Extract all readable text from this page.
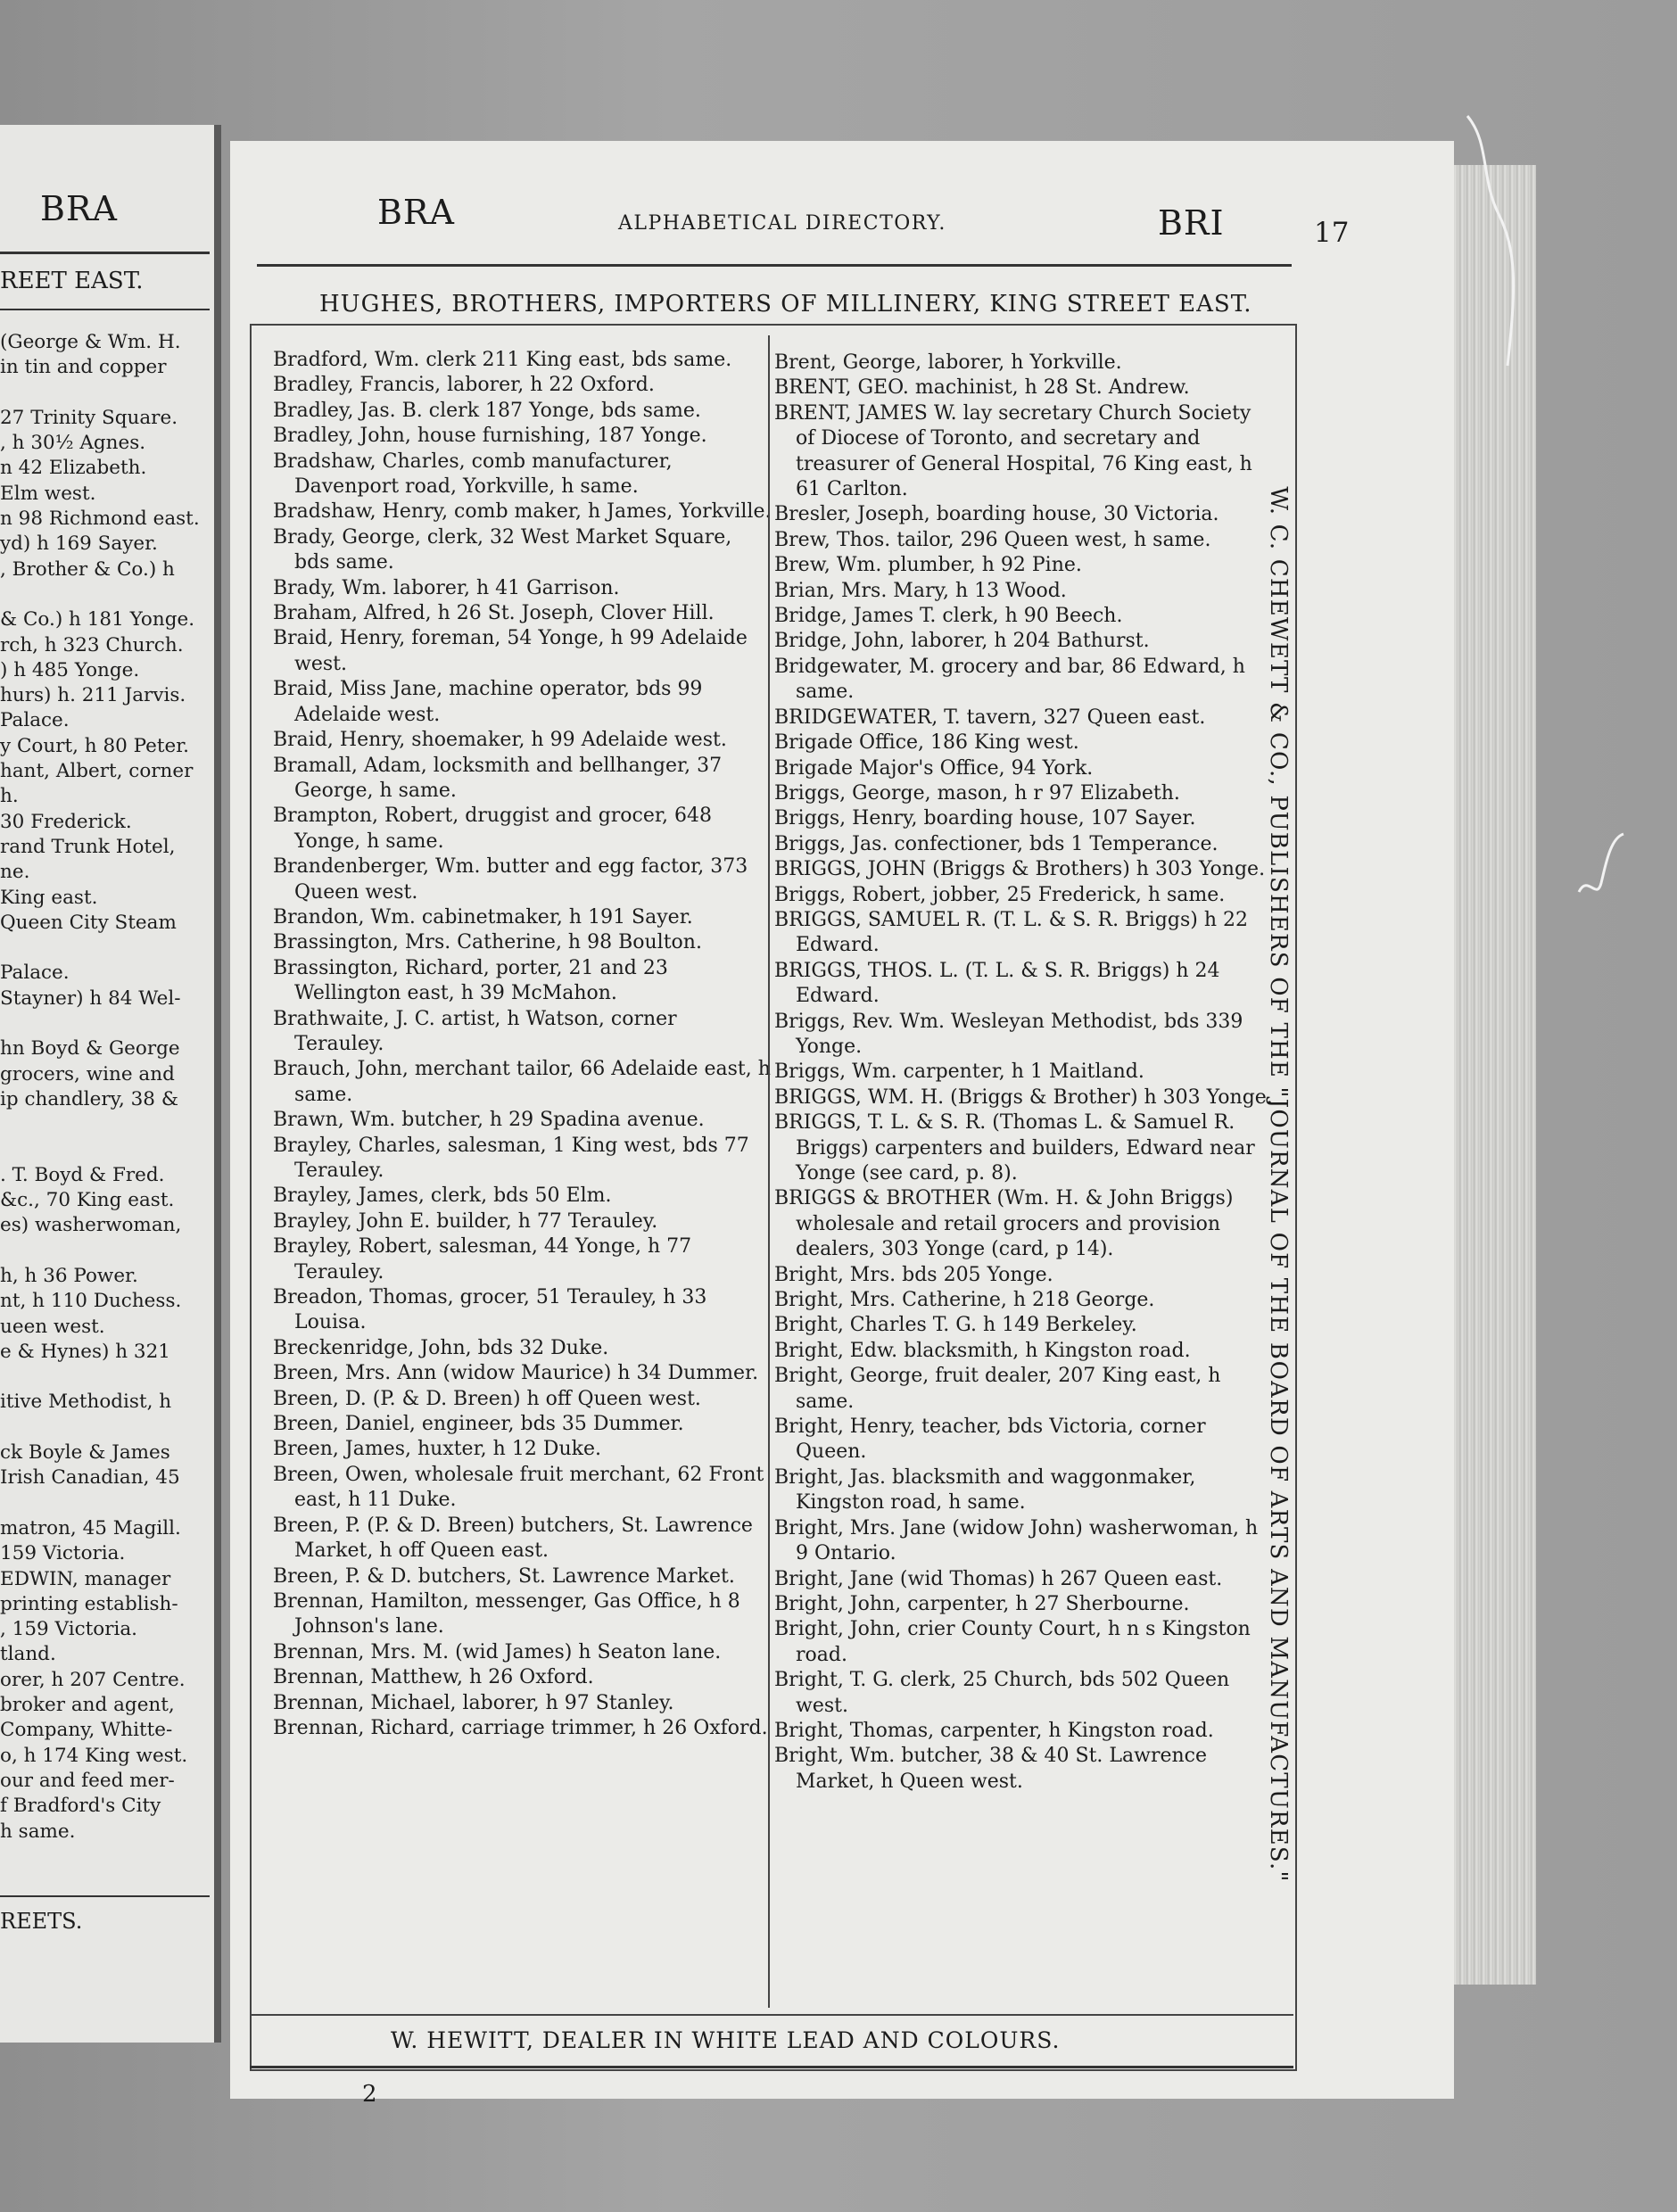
BRA
REET EAST.
(George & Wm. H.
in tin and copper

27 Trinity Square.
, h 30½ Agnes.
n 42 Elizabeth.
Elm west.
n 98 Richmond east.
yd) h 169 Sayer.
, Brother & Co.) h

& Co.) h 181 Yonge.
rch, h 323 Church.
) h 485 Yonge.
hurs) h. 211 Jarvis.
Palace.
y Court, h 80 Peter.
hant, Albert, corner
h.
30 Frederick.
rand Trunk Hotel,
ne.
King east.
Queen City Steam

Palace.
Stayner) h 84 Wel-

hn Boyd & George
grocers, wine and
ip chandlery, 38 &

. T. Boyd & Fred.
&c., 70 King east.
es) washerwoman,

h, h 36 Power.
nt, h 110 Duchess.
ueen west.
e & Hynes) h 321

itive Methodist, h

ck Boyle & James
Irish Canadian, 45

matron, 45 Magill.
159 Victoria.
EDWIN, manager
printing establish-
, 159 Victoria.
tland.
orer, h 207 Centre.
broker and agent,
Company, Whitte-
o, h 174 King west.
our and feed mer-
f Bradford's City
h same.
REETS.
BRA	ALPHABETICAL DIRECTORY.	BRI	17
HUGHES, BROTHERS, IMPORTERS OF MILLINERY, KING STREET EAST.
Bradford, Wm. clerk 211 King east, bds same.
Bradley, Francis, laborer, h 22 Oxford.
Bradley, Jas. B. clerk 187 Yonge, bds same.
Bradley, John, house furnishing, 187 Yonge.
Bradshaw, Charles, comb manufacturer, Davenport road, Yorkville, h same.
Bradshaw, Henry, comb maker, h James, Yorkville.
Brady, George, clerk, 32 West Market Square, bds same.
Brady, Wm. laborer, h 41 Garrison.
Braham, Alfred, h 26 St. Joseph, Clover Hill.
Braid, Henry, foreman, 54 Yonge, h 99 Adelaide west.
Braid, Miss Jane, machine operator, bds 99 Adelaide west.
Braid, Henry, shoemaker, h 99 Adelaide west.
Bramall, Adam, locksmith and bellhanger, 37 George, h same.
Brampton, Robert, druggist and grocer, 648 Yonge, h same.
Brandenberger, Wm. butter and egg factor, 373 Queen west.
Brandon, Wm. cabinetmaker, h 191 Sayer.
Brassington, Mrs. Catherine, h 98 Boulton.
Brassington, Richard, porter, 21 and 23 Wellington east, h 39 McMahon.
Brathwaite, J. C. artist, h Watson, corner Terauley.
Brauch, John, merchant tailor, 66 Adelaide east, h same.
Brawn, Wm. butcher, h 29 Spadina avenue.
Brayley, Charles, salesman, 1 King west, bds 77 Terauley.
Brayley, James, clerk, bds 50 Elm.
Brayley, John E. builder, h 77 Terauley.
Brayley, Robert, salesman, 44 Yonge, h 77 Terauley.
Breadon, Thomas, grocer, 51 Terauley, h 33 Louisa.
Breckenridge, John, bds 32 Duke.
Breen, Mrs. Ann (widow Maurice) h 34 Dummer.
Breen, D. (P. & D. Breen) h off Queen west.
Breen, Daniel, engineer, bds 35 Dummer.
Breen, James, huxter, h 12 Duke.
Breen, Owen, wholesale fruit merchant, 62 Front east, h 11 Duke.
Breen, P. (P. & D. Breen) butchers, St. Lawrence Market, h off Queen east.
Breen, P. & D. butchers, St. Lawrence Market.
Brennan, Hamilton, messenger, Gas Office, h 8 Johnson's lane.
Brennan, Mrs. M. (wid James) h Seaton lane.
Brennan, Matthew, h 26 Oxford.
Brennan, Michael, laborer, h 97 Stanley.
Brennan, Richard, carriage trimmer, h 26 Oxford.
Brent, George, laborer, h Yorkville.
BRENT, GEO. machinist, h 28 St. Andrew.
BRENT, JAMES W. lay secretary Church Society of Diocese of Toronto, and secretary and treasurer of General Hospital, 76 King east, h 61 Carlton.
Bresler, Joseph, boarding house, 30 Victoria.
Brew, Thos. tailor, 296 Queen west, h same.
Brew, Wm. plumber, h 92 Pine.
Brian, Mrs. Mary, h 13 Wood.
Bridge, James T. clerk, h 90 Beech.
Bridge, John, laborer, h 204 Bathurst.
Bridgewater, M. grocery and bar, 86 Edward, h same.
BRIDGEWATER, T. tavern, 327 Queen east.
Brigade Office, 186 King west.
Brigade Major's Office, 94 York.
Briggs, George, mason, h r 97 Elizabeth.
Briggs, Henry, boarding house, 107 Sayer.
Briggs, Jas. confectioner, bds 1 Temperance.
BRIGGS, JOHN (Briggs & Brothers) h 303 Yonge.
Briggs, Robert, jobber, 25 Frederick, h same.
BRIGGS, SAMUEL R. (T. L. & S. R. Briggs) h 22 Edward.
BRIGGS, THOS. L. (T. L. & S. R. Briggs) h 24 Edward.
Briggs, Rev. Wm. Wesleyan Methodist, bds 339 Yonge.
Briggs, Wm. carpenter, h 1 Maitland.
BRIGGS, WM. H. (Briggs & Brother) h 303 Yonge.
BRIGGS, T. L. & S. R. (Thomas L. & Samuel R. Briggs) carpenters and builders, Edward near Yonge (see card, p. 8).
BRIGGS & BROTHER (Wm. H. & John Briggs) wholesale and retail grocers and provision dealers, 303 Yonge (card, p 14).
Bright, Mrs. bds 205 Yonge.
Bright, Mrs. Catherine, h 218 George.
Bright, Charles T. G. h 149 Berkeley.
Bright, Edw. blacksmith, h Kingston road.
Bright, George, fruit dealer, 207 King east, h same.
Bright, Henry, teacher, bds Victoria, corner Queen.
Bright, Jas. blacksmith and waggonmaker, Kingston road, h same.
Bright, Mrs. Jane (widow John) washerwoman, h 9 Ontario.
Bright, Jane (wid Thomas) h 267 Queen east.
Bright, John, carpenter, h 27 Sherbourne.
Bright, John, crier County Court, h n s Kingston road.
Bright, T. G. clerk, 25 Church, bds 502 Queen west.
Bright, Thomas, carpenter, h Kingston road.
Bright, Wm. butcher, 38 & 40 St. Lawrence Market, h Queen west.	W. C. CHEWETT & CO., PUBLISHERS OF THE "JOURNAL OF THE BOARD OF ARTS AND MANUFACTURES."
W. HEWITT, DEALER IN WHITE LEAD AND COLOURS.
2
